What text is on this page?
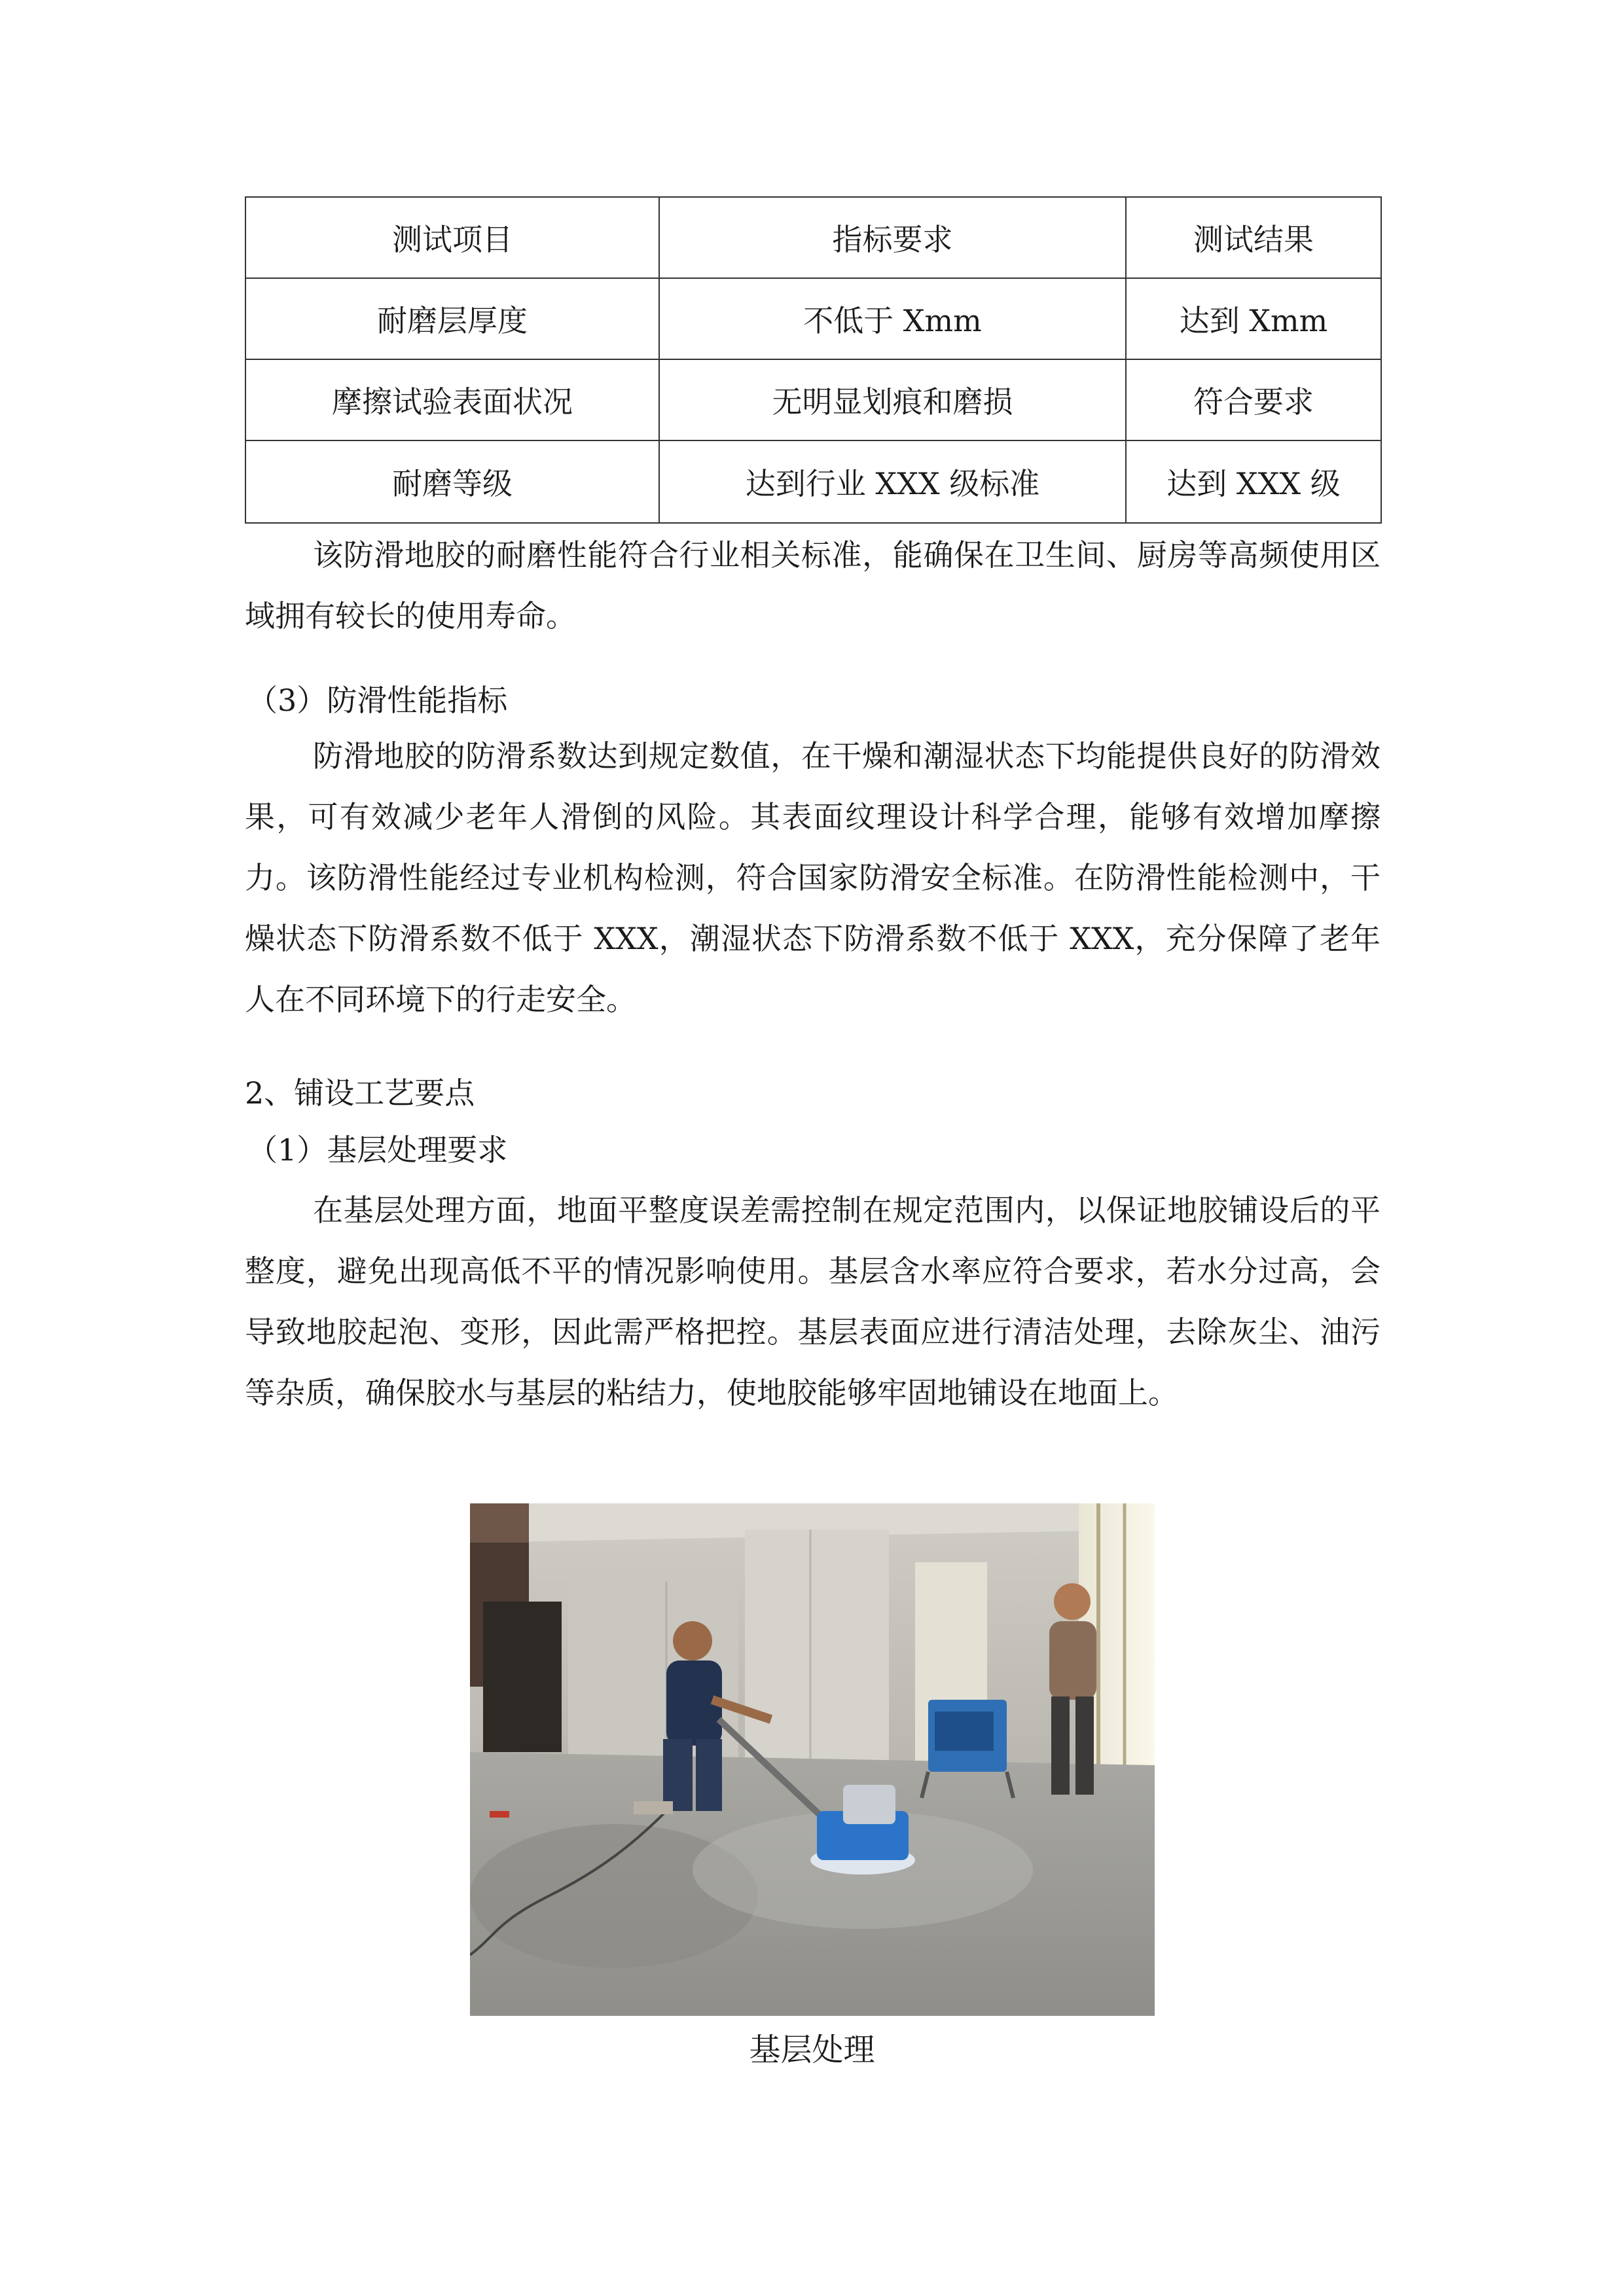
测试项目	指标要求	测试结果
耐磨层厚度	不低于 Xmm	达到 Xmm
摩擦试验表面状况	无明显划痕和磨损	符合要求
耐磨等级	达到行业 XXX 级标准	达到 XXX 级

该防滑地胶的耐磨性能符合行业相关标准，能确保在卫生间、厨房等高频使用区域拥有较长的使用寿命。

（3）防滑性能指标

防滑地胶的防滑系数达到规定数值，在干燥和潮湿状态下均能提供良好的防滑效果，可有效减少老年人滑倒的风险。其表面纹理设计科学合理，能够有效增加摩擦力。该防滑性能经过专业机构检测，符合国家防滑安全标准。在防滑性能检测中，干燥状态下防滑系数不低于 XXX，潮湿状态下防滑系数不低于 XXX，充分保障了老年人在不同环境下的行走安全。

2、铺设工艺要点

（1）基层处理要求

在基层处理方面，地面平整度误差需控制在规定范围内，以保证地胶铺设后的平整度，避免出现高低不平的情况影响使用。基层含水率应符合要求，若水分过高，会导致地胶起泡、变形，因此需严格把控。基层表面应进行清洁处理，去除灰尘、油污等杂质，确保胶水与基层的粘结力，使地胶能够牢固地铺设在地面上。

基层处理
